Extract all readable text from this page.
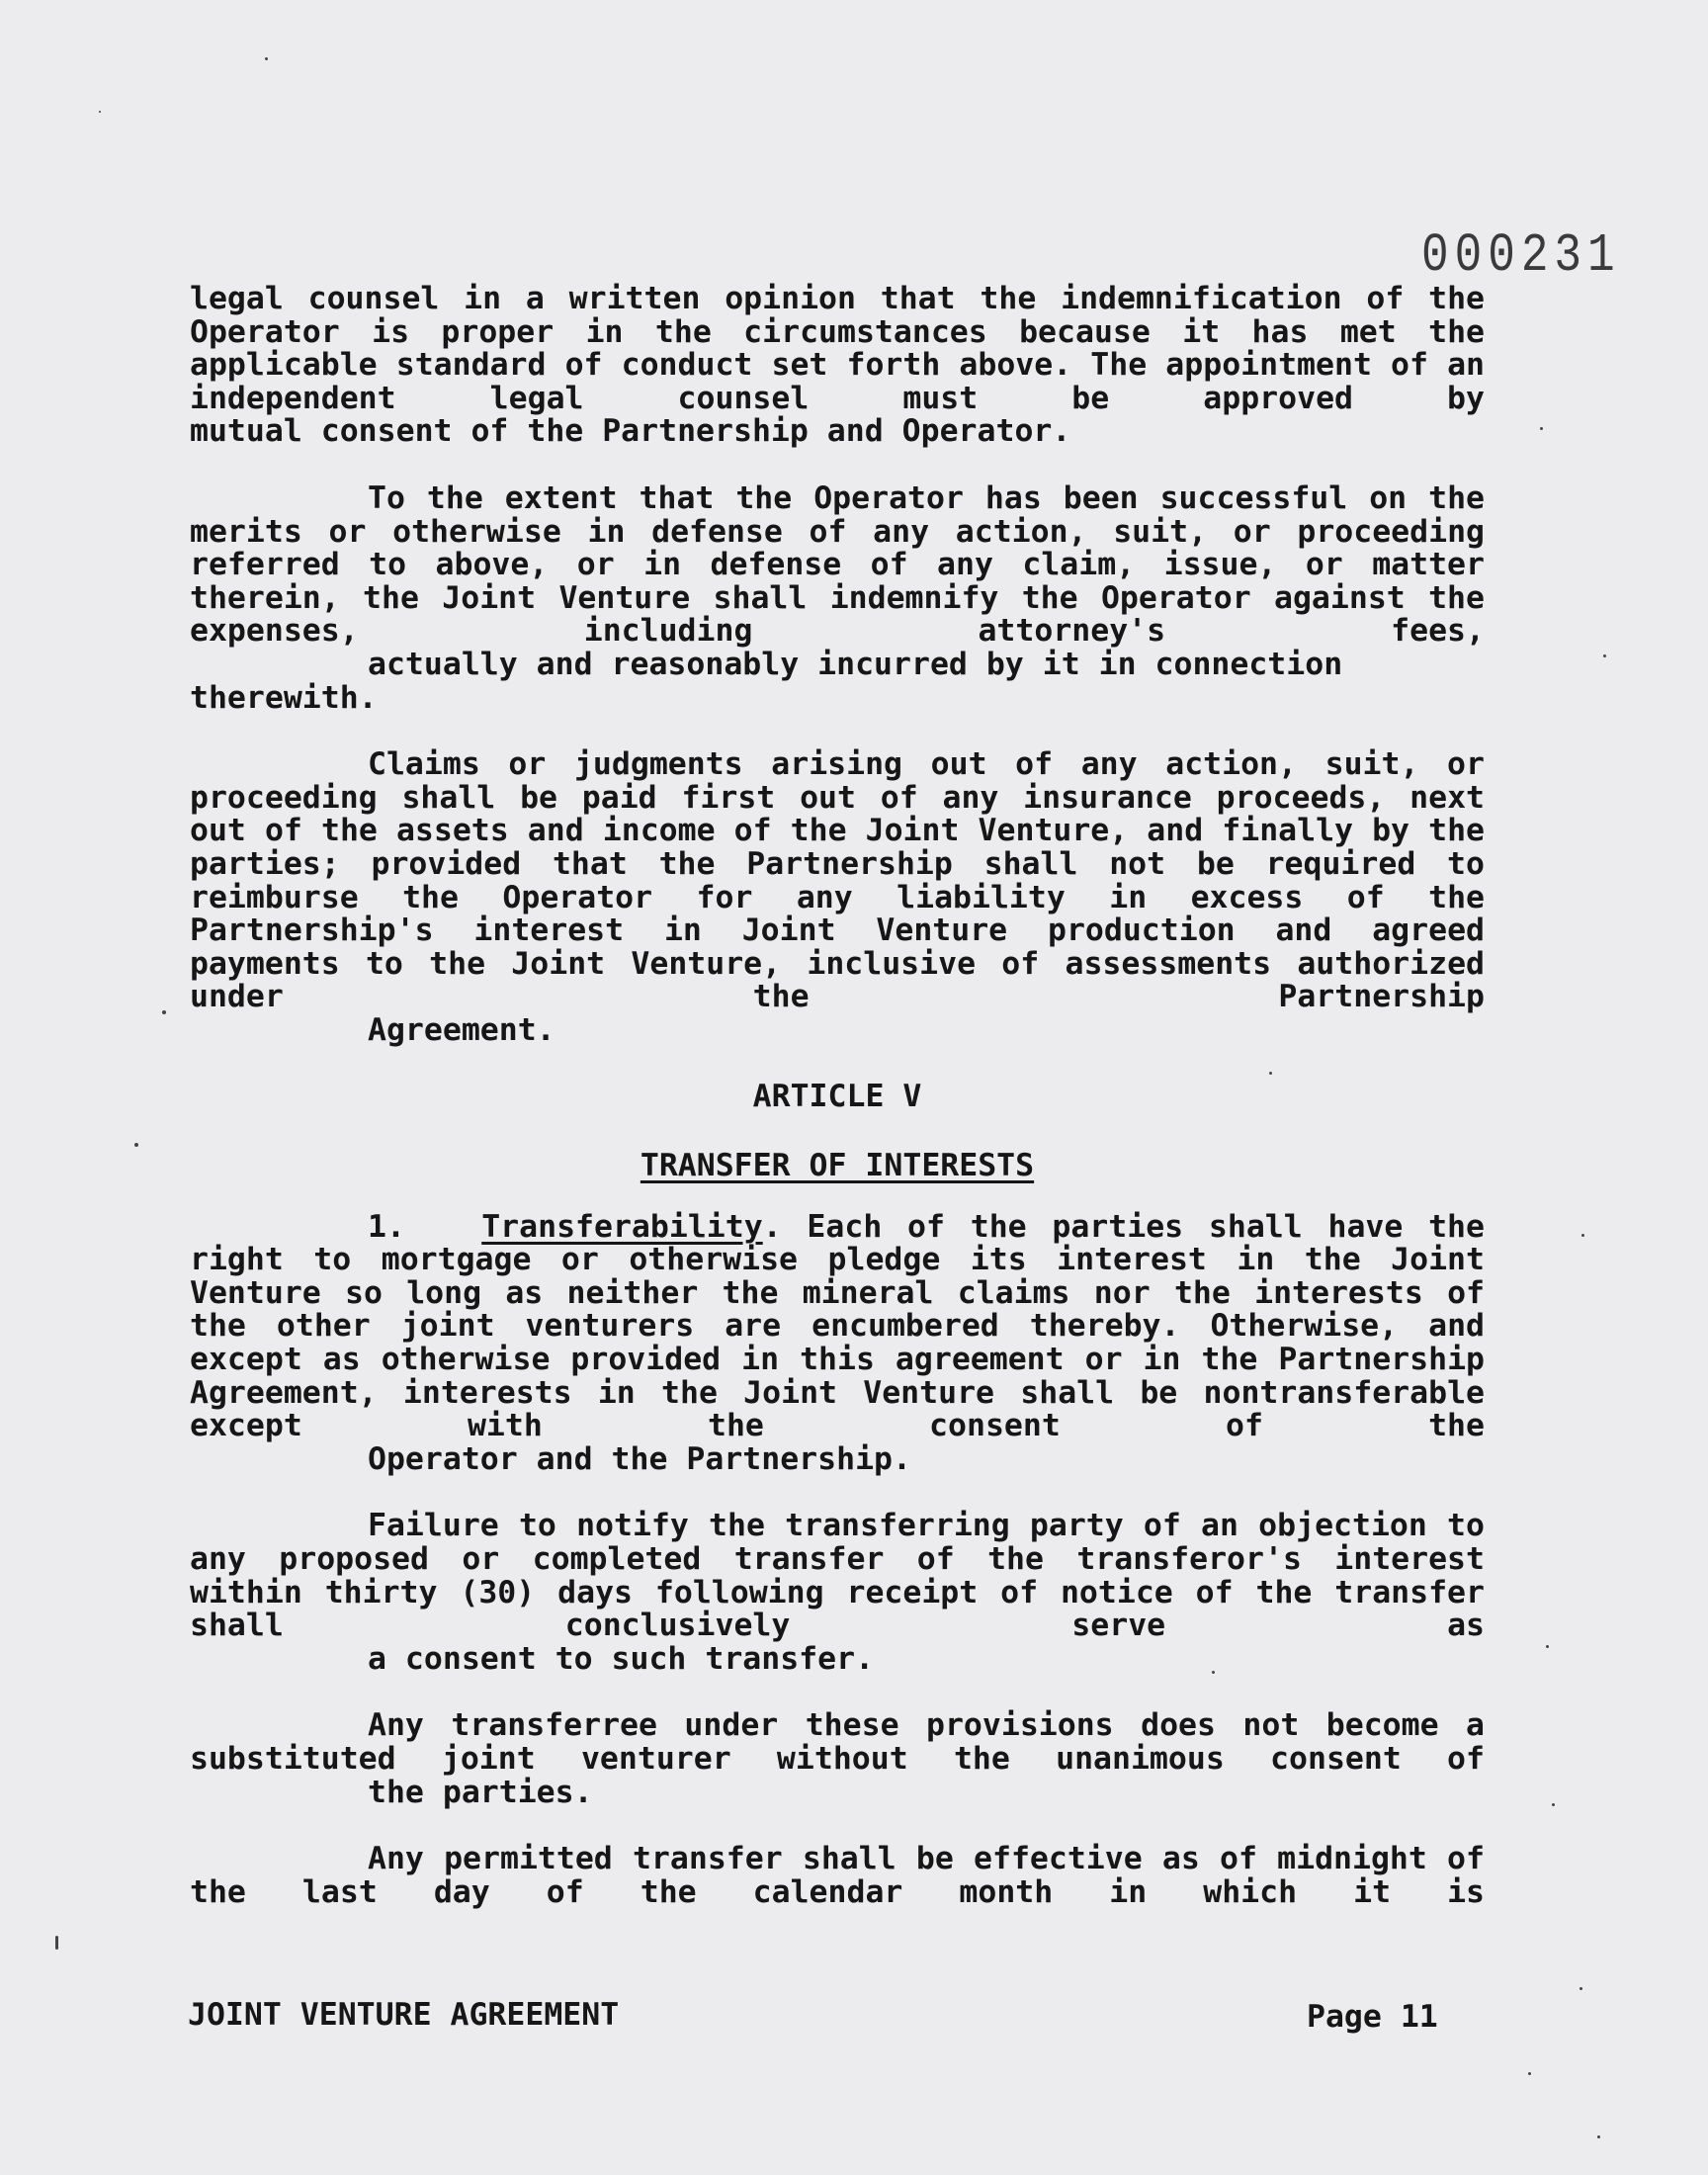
000231

legal counsel in a written opinion that the indemnification of the Operator is proper in the circumstances because it has met the applicable standard of conduct set forth above. The appointment of an independent legal counsel must be approved by
mutual consent of the Partnership and Operator.

To the extent that the Operator has been successful on the merits or otherwise in defense of any action, suit, or proceeding referred to above, or in defense of any claim, issue, or matter therein, the Joint Venture shall indemnify the Operator against the expenses, including attorney's fees,
actually and reasonably incurred by it in connection therewith.

Claims or judgments arising out of any action, suit, or proceeding shall be paid first out of any insurance proceeds, next out of the assets and income of the Joint Venture, and finally by the parties; provided that the Partnership shall not be required to reimburse the Operator for any liability in excess of the Partnership's interest in Joint Venture production and agreed payments to the Joint Venture, inclusive of assessments authorized under the Partnership
Agreement.

ARTICLE V
TRANSFER OF INTERESTS

1. Transferability. Each of the parties shall have the right to mortgage or otherwise pledge its interest in the Joint Venture so long as neither the mineral claims nor the interests of the other joint venturers are encumbered thereby. Otherwise, and except as otherwise provided in this agreement or in the Partnership Agreement, interests in the Joint Venture shall be nontransferable except with the consent of the
Operator and the Partnership.

Failure to notify the transferring party of an objection to any proposed or completed transfer of the transferor's interest within thirty (30) days following receipt of notice of the transfer shall conclusively serve as
a consent to such transfer.

Any transferree under these provisions does not become a substituted joint venturer without the unanimous consent of
the parties.

Any permitted transfer shall be effective as of midnight of the last day of the calendar month in which it is

JOINT VENTURE AGREEMENT	Page 11
